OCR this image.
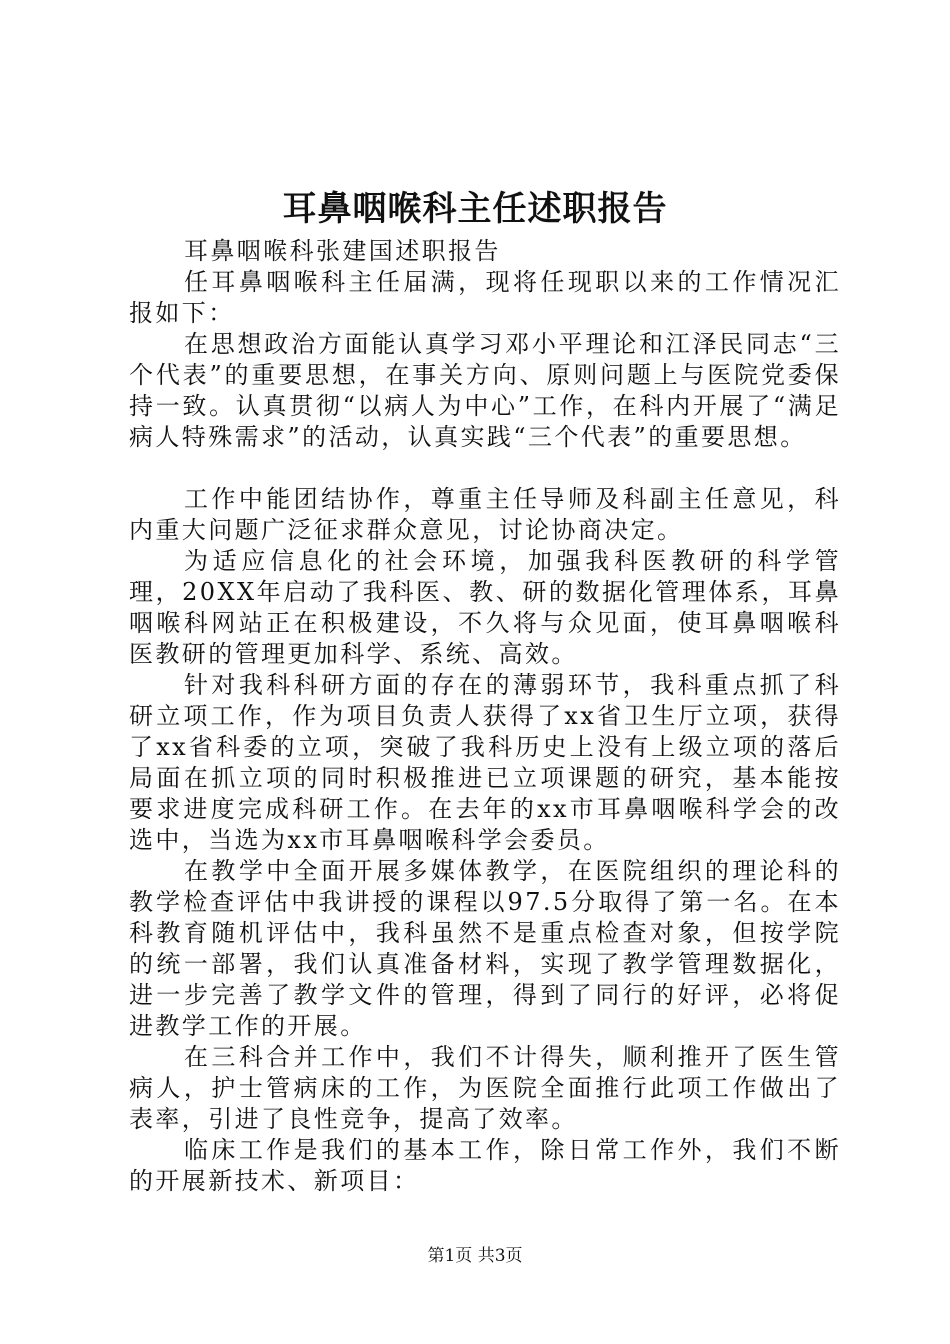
耳鼻咽喉科主任述职报告

耳鼻咽喉科张建国述职报告

任耳鼻咽喉科主任届满，现将任现职以来的工作情况汇报如下：

在思想政治方面能认真学习邓小平理论和江泽民同志“三个代表”的重要思想，在事关方向、原则问题上与医院党委保持一致。认真贯彻“以病人为中心”工作，在科内开展了“满足病人特殊需求”的活动，认真实践“三个代表”的重要思想。

工作中能团结协作，尊重主任导师及科副主任意见，科内重大问题广泛征求群众意见，讨论协商决定。

为适应信息化的社会环境，加强我科医教研的科学管理，20XX年启动了我科医、教、研的数据化管理体系，耳鼻咽喉科网站正在积极建设，不久将与众见面，使耳鼻咽喉科医教研的管理更加科学、系统、高效。

针对我科科研方面的存在的薄弱环节，我科重点抓了科研立项工作，作为项目负责人获得了xx省卫生厅立项，获得了xx省科委的立项，突破了我科历史上没有上级立项的落后局面在抓立项的同时积极推进已立项课题的研究，基本能按要求进度完成科研工作。在去年的xx市耳鼻咽喉科学会的改选中，当选为xx市耳鼻咽喉科学会委员。

在教学中全面开展多媒体教学，在医院组织的理论科的教学检查评估中我讲授的课程以97.5分取得了第一名。在本科教育随机评估中，我科虽然不是重点检查对象，但按学院的统一部署，我们认真准备材料，实现了教学管理数据化，进一步完善了教学文件的管理，得到了同行的好评，必将促进教学工作的开展。

在三科合并工作中，我们不计得失，顺利推开了医生管病人，护士管病床的工作，为医院全面推行此项工作做出了表率，引进了良性竞争，提高了效率。

临床工作是我们的基本工作，除日常工作外，我们不断的开展新技术、新项目：

第1页 共3页
